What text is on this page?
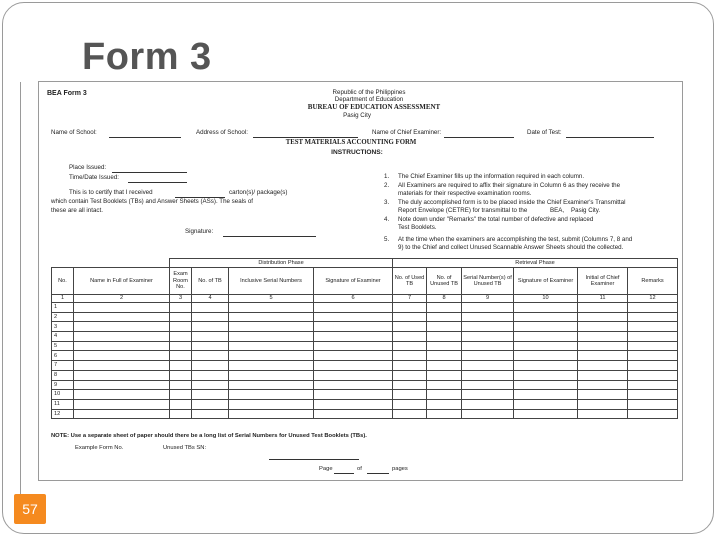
Form 3
57
BEA Form 3	Republic of the Philippines
Department of Education
BUREAU OF EDUCATION ASSESSMENT
Pasig City
Name of School:	Address of School:	Name of Chief Examiner:	Date of Test:
TEST MATERIALS ACCOUNTING FORM
INSTRUCTIONS:
Place Issued:
Time/Date Issued:
This is to certify that I received	carton(s)/ package(s)
which contain Test Booklets (TBs) and Answer Sheets (ASs). The seals of
these are all intact.
Signature:
1. The Chief Examiner fills up the information required in each column.
2. All Examiners are required to affix their signature in Column 6 as they receive the
materials for their respective examination rooms.
3. The duly accomplished form is to be placed inside the Chief Examiner's Transmittal
Report Envelope (CETRE) for transmittal to the	BEA, Pasig City.
4. Note down under "Remarks" the total number of defective and replaced
Test Booklets.
5. At the time when the examiners are accomplishing the test, submit (Columns 7, 8 and
9) to the Chief and collect Unused Scannable Answer Sheets should the collected.
		Distribution Phase				Retrieval Phase					
No.	Name in Full of Examiner	Exam Room No.	No. of TB	Inclusive Serial Numbers	Signature of Examiner	No. of Used TB	No. of Unused TB	Serial Number(s) of Unused TB	Signature of Examiner	Initial of Chief Examiner	Remarks
1	2	3	4	5	6	7	8	9	10	11	12
1											
2											
3											
4											
5											
6											
7											
8											
9											
10											
11											
12											
NOTE: Use a separate sheet of paper should there be a long list of Serial Numbers for Unused Test Booklets (TBs).
Example Form No.	Unused TBs SN:
Page	of	pages
